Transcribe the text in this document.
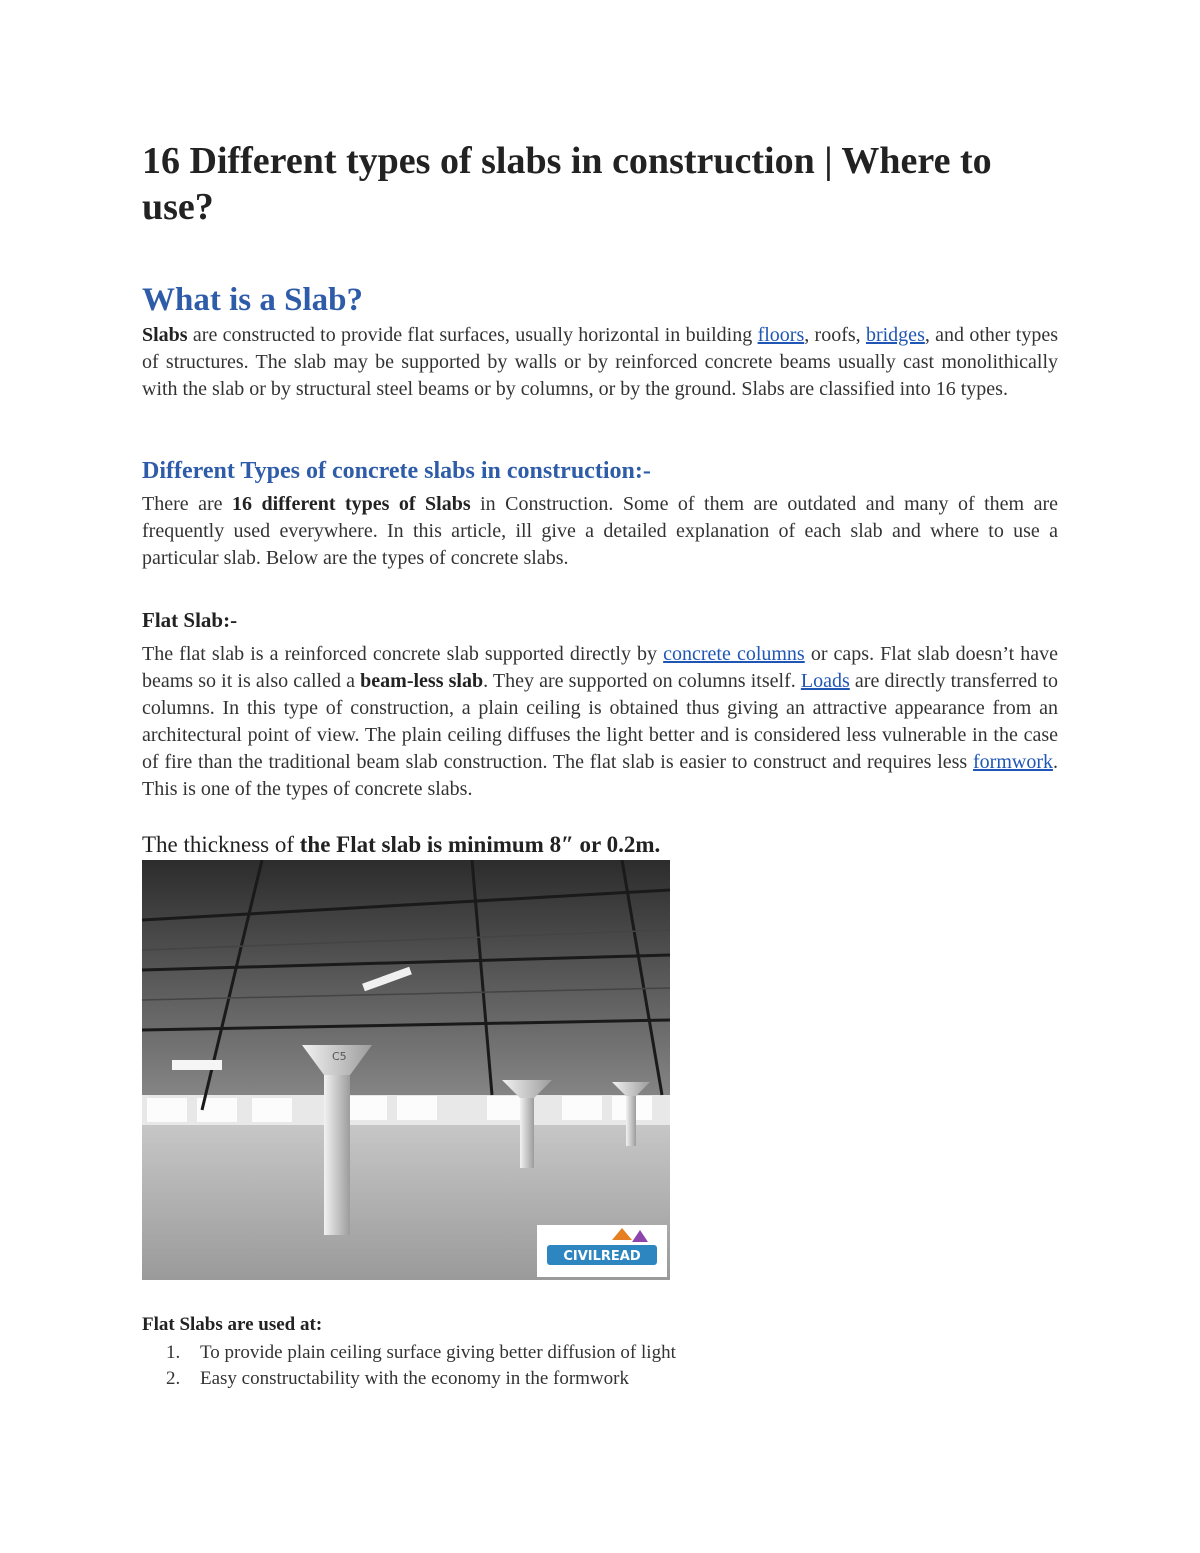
16 Different types of slabs in construction | Where to use?
What is a Slab?

Slabs are constructed to provide flat surfaces, usually horizontal in building floors, roofs, bridges, and other types of structures. The slab may be supported by walls or by reinforced concrete beams usually cast monolithically with the slab or by structural steel beams or by columns, or by the ground. Slabs are classified into 16 types.

Different Types of concrete slabs in construction:-

There are 16 different types of Slabs in Construction. Some of them are outdated and many of them are frequently used everywhere. In this article, ill give a detailed explanation of each slab and where to use a particular slab. Below are the types of concrete slabs.

Flat Slab:-

The flat slab is a reinforced concrete slab supported directly by concrete columns or caps. Flat slab doesn’t have beams so it is also called a beam-less slab. They are supported on columns itself. Loads are directly transferred to columns. In this type of construction, a plain ceiling is obtained thus giving an attractive appearance from an architectural point of view. The plain ceiling diffuses the light better and is considered less vulnerable in the case of fire than the traditional beam slab construction. The flat slab is easier to construct and requires less formwork. This is one of the types of concrete slabs.

The thickness of the Flat slab is minimum 8″ or 0.2m.

C5
CIVILREAD

Flat Slabs are used at:

1. To provide plain ceiling surface giving better diffusion of light
2. Easy constructability with the economy in the formwork
